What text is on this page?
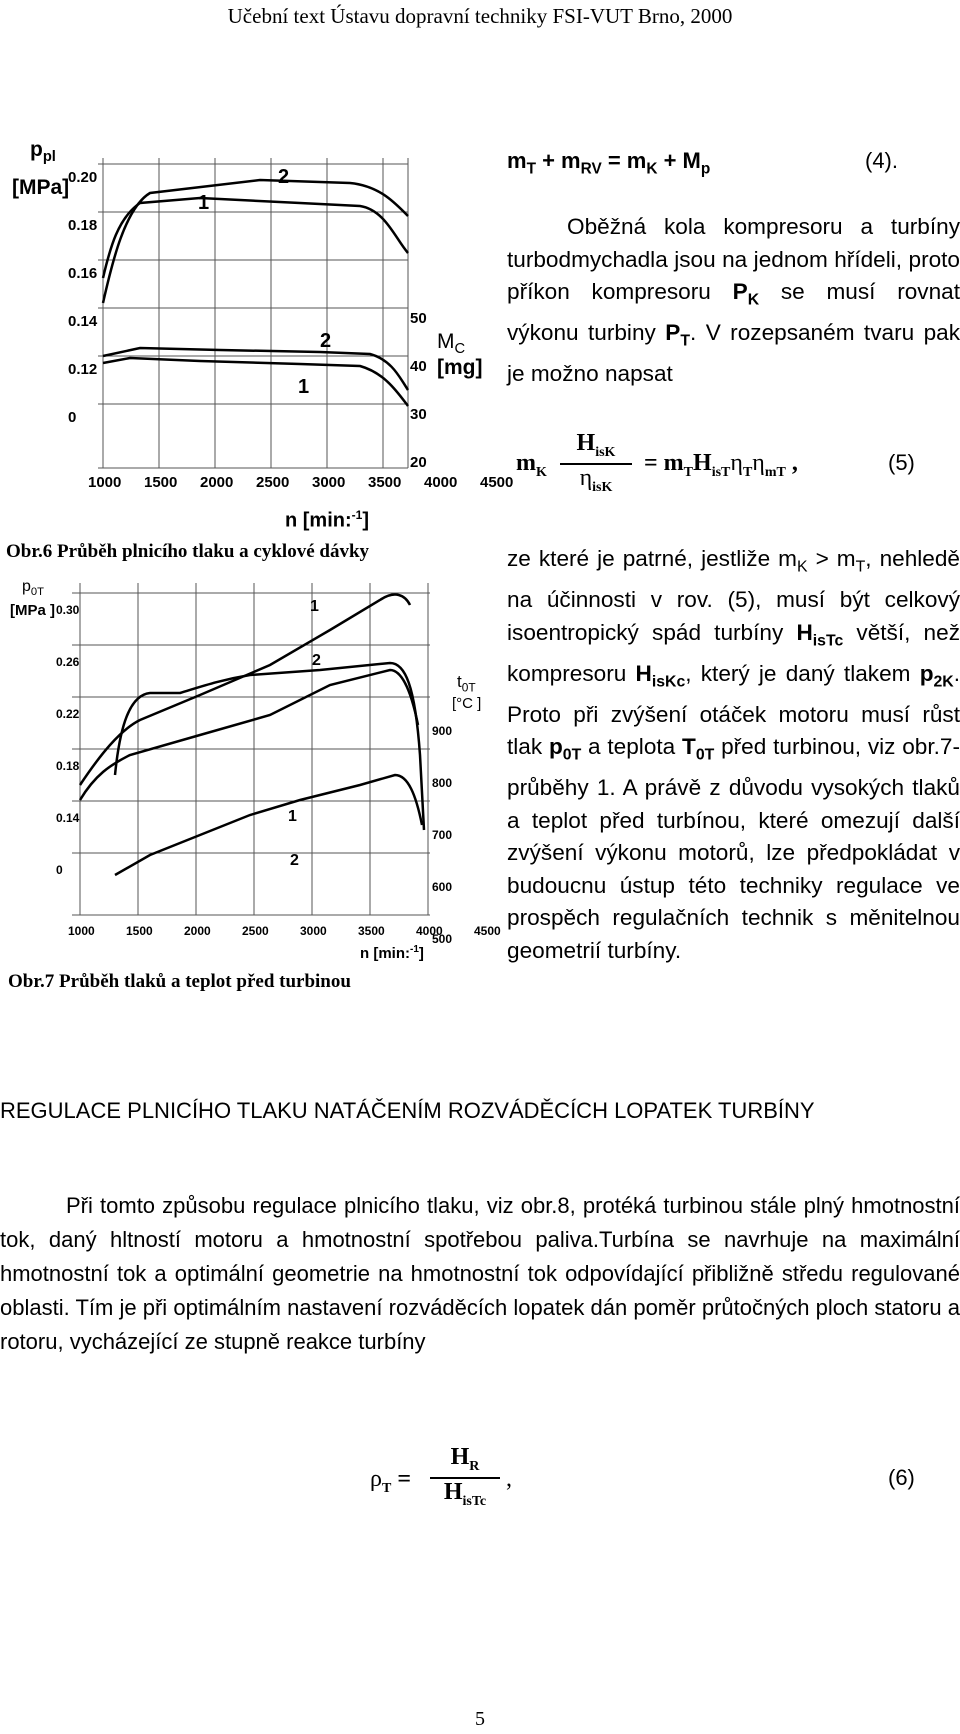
Učební text Ústavu dopravní techniky FSI-VUT Brno, 2000
$p_{pl}$
[MPa]
0.20
0.18
0.16
0.14
0.12
0
50
40
30
20
$M_C$
[mg]
1000	1500	2000	2500	3000	3500	4000	4500
n [min:$^{-1}$]
1
2
1
2
Obr.6 Průběh plnicího tlaku a cyklové dávky
$p_{0T}$
[MPa ] 0.30
0.26
0.22
0.18
0.14
0
900
800
700
600
500
$t_{0T}$
[°C ]
1000	1500	2000	2500	3000	3500	4000	4500
n [min:$^{-1}$]
1
2
1
2
Obr.7 Průběh tlaků a teplot před turbinou
$m_T + m_{RV} = m_K + M_p$	(4).
Oběžná kola kompresoru a turbíny turbodmychadla jsou na jednom hřídeli, proto příkon kompresoru $P_K$ se musí rovnat výkonu turbiny $P_T$. V rozepsaném tvaru pak je možno napsat
$m_K$
$H_{isK}$
$\eta_{isK}$
= $m_TH_{isT}\eta_T\eta_{mT}$ ,	(5)
ze které je patrné, jestliže $m_K > m_T$, nehledě na účinnosti v rov. (5), musí být celkový isoentropický spád turbíny $H_{isTc}$ větší, než kompresoru $H_{isKc}$, který je daný tlakem $p_{2K}$. Proto při zvýšení otáček motoru musí růst tlak $p_{0T}$ a teplota $T_{0T}$ před turbinou, viz obr.7-průběhy 1. A právě z důvodu vysokých tlaků a teplot před turbínou, které omezují další zvýšení výkonu motorů, lze předpokládat v budoucnu ústup této techniky regulace ve prospěch regulačních technik s měnitelnou geometrií turbíny.
REGULACE PLNICÍHO TLAKU NATÁČENÍM ROZVÁDĚCÍCH LOPATEK TURBÍNY
Při tomto způsobu regulace plnicího tlaku, viz obr.8, protéká turbinou stále plný hmotnostní tok, daný hltností motoru a hmotnostní spotřebou paliva.Turbína se navrhuje na maximální hmotnostní tok a optimální geometrie na hmotnostní tok odpovídající přibližně středu regulované oblasti. Tím je při optimálním nastavení rozváděcích lopatek dán poměr průtočných ploch statoru a rotoru, vycházející ze stupně reakce turbíny
$\rho_T$ =
$H_R$
$H_{isTc}$
,	(6)
5
